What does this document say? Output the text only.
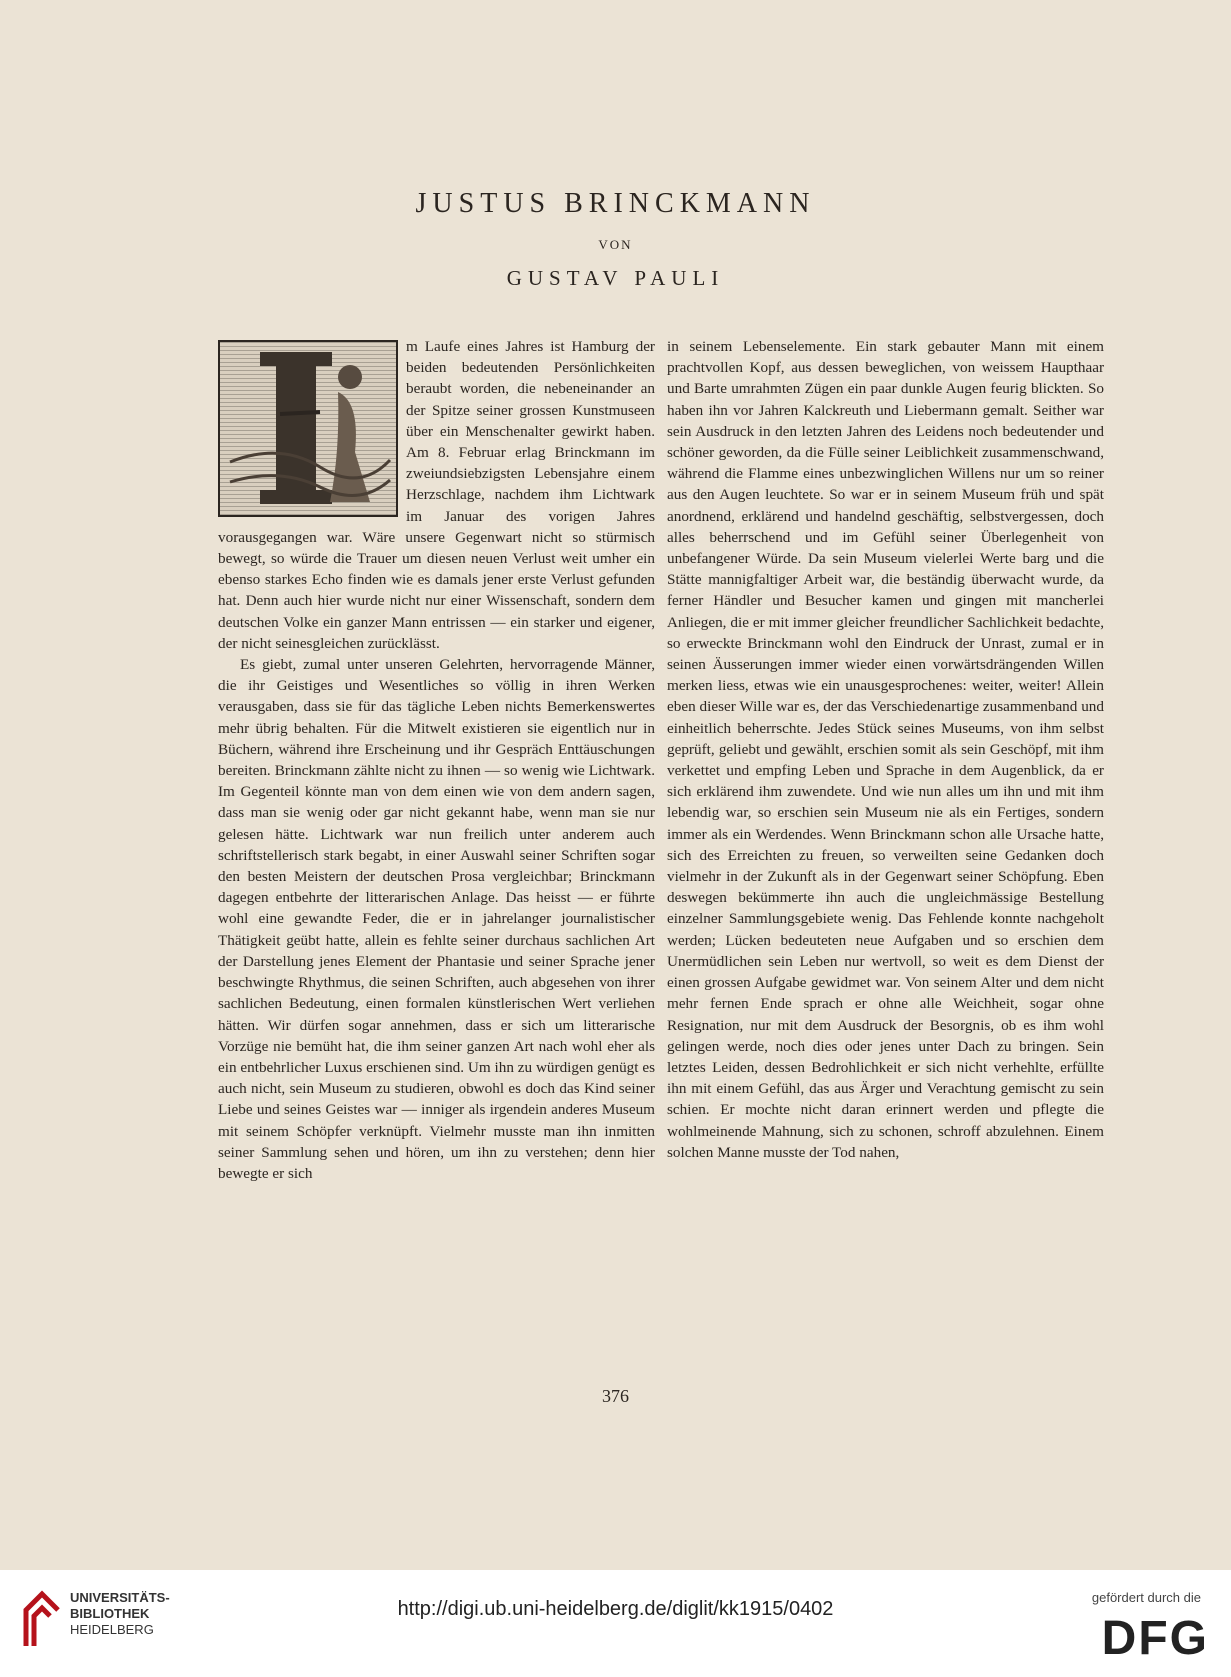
JUSTUS BRINCKMANN
VON
GUSTAV PAULI

m Laufe eines Jahres ist Hamburg der beiden bedeutenden Persönlichkeiten beraubt worden, die nebeneinander an der Spitze seiner grossen Kunstmuseen über ein Menschenalter gewirkt haben. Am 8. Februar erlag Brinckmann im zweiundsiebzigsten Lebensjahre einem Herzschlage, nachdem ihm Lichtwark im Januar des vorigen Jahres vorausgegangen war. Wäre unsere Gegenwart nicht so stürmisch bewegt, so würde die Trauer um diesen neuen Verlust weit umher ein ebenso starkes Echo finden wie es damals jener erste Verlust gefunden hat. Denn auch hier wurde nicht nur einer Wissenschaft, sondern dem deutschen Volke ein ganzer Mann entrissen — ein starker und eigener, der nicht seinesgleichen zurücklässt.

Es giebt, zumal unter unseren Gelehrten, hervorragende Männer, die ihr Geistiges und Wesentliches so völlig in ihren Werken verausgaben, dass sie für das tägliche Leben nichts Bemerkenswertes mehr übrig behalten. Für die Mitwelt existieren sie eigentlich nur in Büchern, während ihre Erscheinung und ihr Gespräch Enttäuschungen bereiten. Brinckmann zählte nicht zu ihnen — so wenig wie Lichtwark. Im Gegenteil könnte man von dem einen wie von dem andern sagen, dass man sie wenig oder gar nicht gekannt habe, wenn man sie nur gelesen hätte. Lichtwark war nun freilich unter anderem auch schriftstellerisch stark begabt, in einer Auswahl seiner Schriften sogar den besten Meistern der deutschen Prosa vergleichbar; Brinckmann dagegen entbehrte der litterarischen Anlage. Das heisst — er führte wohl eine gewandte Feder, die er in jahrelanger journalistischer Thätigkeit geübt hatte, allein es fehlte seiner durchaus sachlichen Art der Darstellung jenes Element der Phantasie und seiner Sprache jener beschwingte Rhythmus, die seinen Schriften, auch abgesehen von ihrer sachlichen Bedeutung, einen formalen künstlerischen Wert verliehen hätten. Wir dürfen sogar annehmen, dass er sich um litterarische Vorzüge nie bemüht hat, die ihm seiner ganzen Art nach wohl eher als ein entbehrlicher Luxus erschienen sind. Um ihn zu würdigen genügt es auch nicht, sein Museum zu studieren, obwohl es doch das Kind seiner Liebe und seines Geistes war — inniger als irgendein anderes Museum mit seinem Schöpfer verknüpft. Vielmehr musste man ihn inmitten seiner Sammlung sehen und hören, um ihn zu verstehen; denn hier bewegte er sich

in seinem Lebenselemente. Ein stark gebauter Mann mit einem prachtvollen Kopf, aus dessen beweglichen, von weissem Haupthaar und Barte umrahmten Zügen ein paar dunkle Augen feurig blickten. So haben ihn vor Jahren Kalckreuth und Liebermann gemalt. Seither war sein Ausdruck in den letzten Jahren des Leidens noch bedeutender und schöner geworden, da die Fülle seiner Leiblichkeit zusammenschwand, während die Flamme eines unbezwinglichen Willens nur um so reiner aus den Augen leuchtete. So war er in seinem Museum früh und spät anordnend, erklärend und handelnd geschäftig, selbstvergessen, doch alles beherrschend und im Gefühl seiner Überlegenheit von unbefangener Würde. Da sein Museum vielerlei Werte barg und die Stätte mannigfaltiger Arbeit war, die beständig überwacht wurde, da ferner Händler und Besucher kamen und gingen mit mancherlei Anliegen, die er mit immer gleicher freundlicher Sachlichkeit bedachte, so erweckte Brinckmann wohl den Eindruck der Unrast, zumal er in seinen Äusserungen immer wieder einen vorwärtsdrängenden Willen merken liess, etwas wie ein unausgesprochenes: weiter, weiter! Allein eben dieser Wille war es, der das Verschiedenartige zusammenband und einheitlich beherrschte. Jedes Stück seines Museums, von ihm selbst geprüft, geliebt und gewählt, erschien somit als sein Geschöpf, mit ihm verkettet und empfing Leben und Sprache in dem Augenblick, da er sich erklärend ihm zuwendete. Und wie nun alles um ihn und mit ihm lebendig war, so erschien sein Museum nie als ein Fertiges, sondern immer als ein Werdendes. Wenn Brinckmann schon alle Ursache hatte, sich des Erreichten zu freuen, so verweilten seine Gedanken doch vielmehr in der Zukunft als in der Gegenwart seiner Schöpfung. Eben deswegen bekümmerte ihn auch die ungleichmässige Bestellung einzelner Sammlungsgebiete wenig. Das Fehlende konnte nachgeholt werden; Lücken bedeuteten neue Aufgaben und so erschien dem Unermüdlichen sein Leben nur wertvoll, so weit es dem Dienst der einen grossen Aufgabe gewidmet war. Von seinem Alter und dem nicht mehr fernen Ende sprach er ohne alle Weichheit, sogar ohne Resignation, nur mit dem Ausdruck der Besorgnis, ob es ihm wohl gelingen werde, noch dies oder jenes unter Dach zu bringen. Sein letztes Leiden, dessen Bedrohlichkeit er sich nicht verhehlte, erfüllte ihn mit einem Gefühl, das aus Ärger und Verachtung gemischt zu sein schien. Er mochte nicht daran erinnert werden und pflegte die wohlmeinende Mahnung, sich zu schonen, schroff abzulehnen. Einem solchen Manne musste der Tod nahen,

376
UNIVERSITÄTS-
BIBLIOTHEK
HEIDELBERG
http://digi.ub.uni-heidelberg.de/diglit/kk1915/0402
gefördert durch die
DFG
